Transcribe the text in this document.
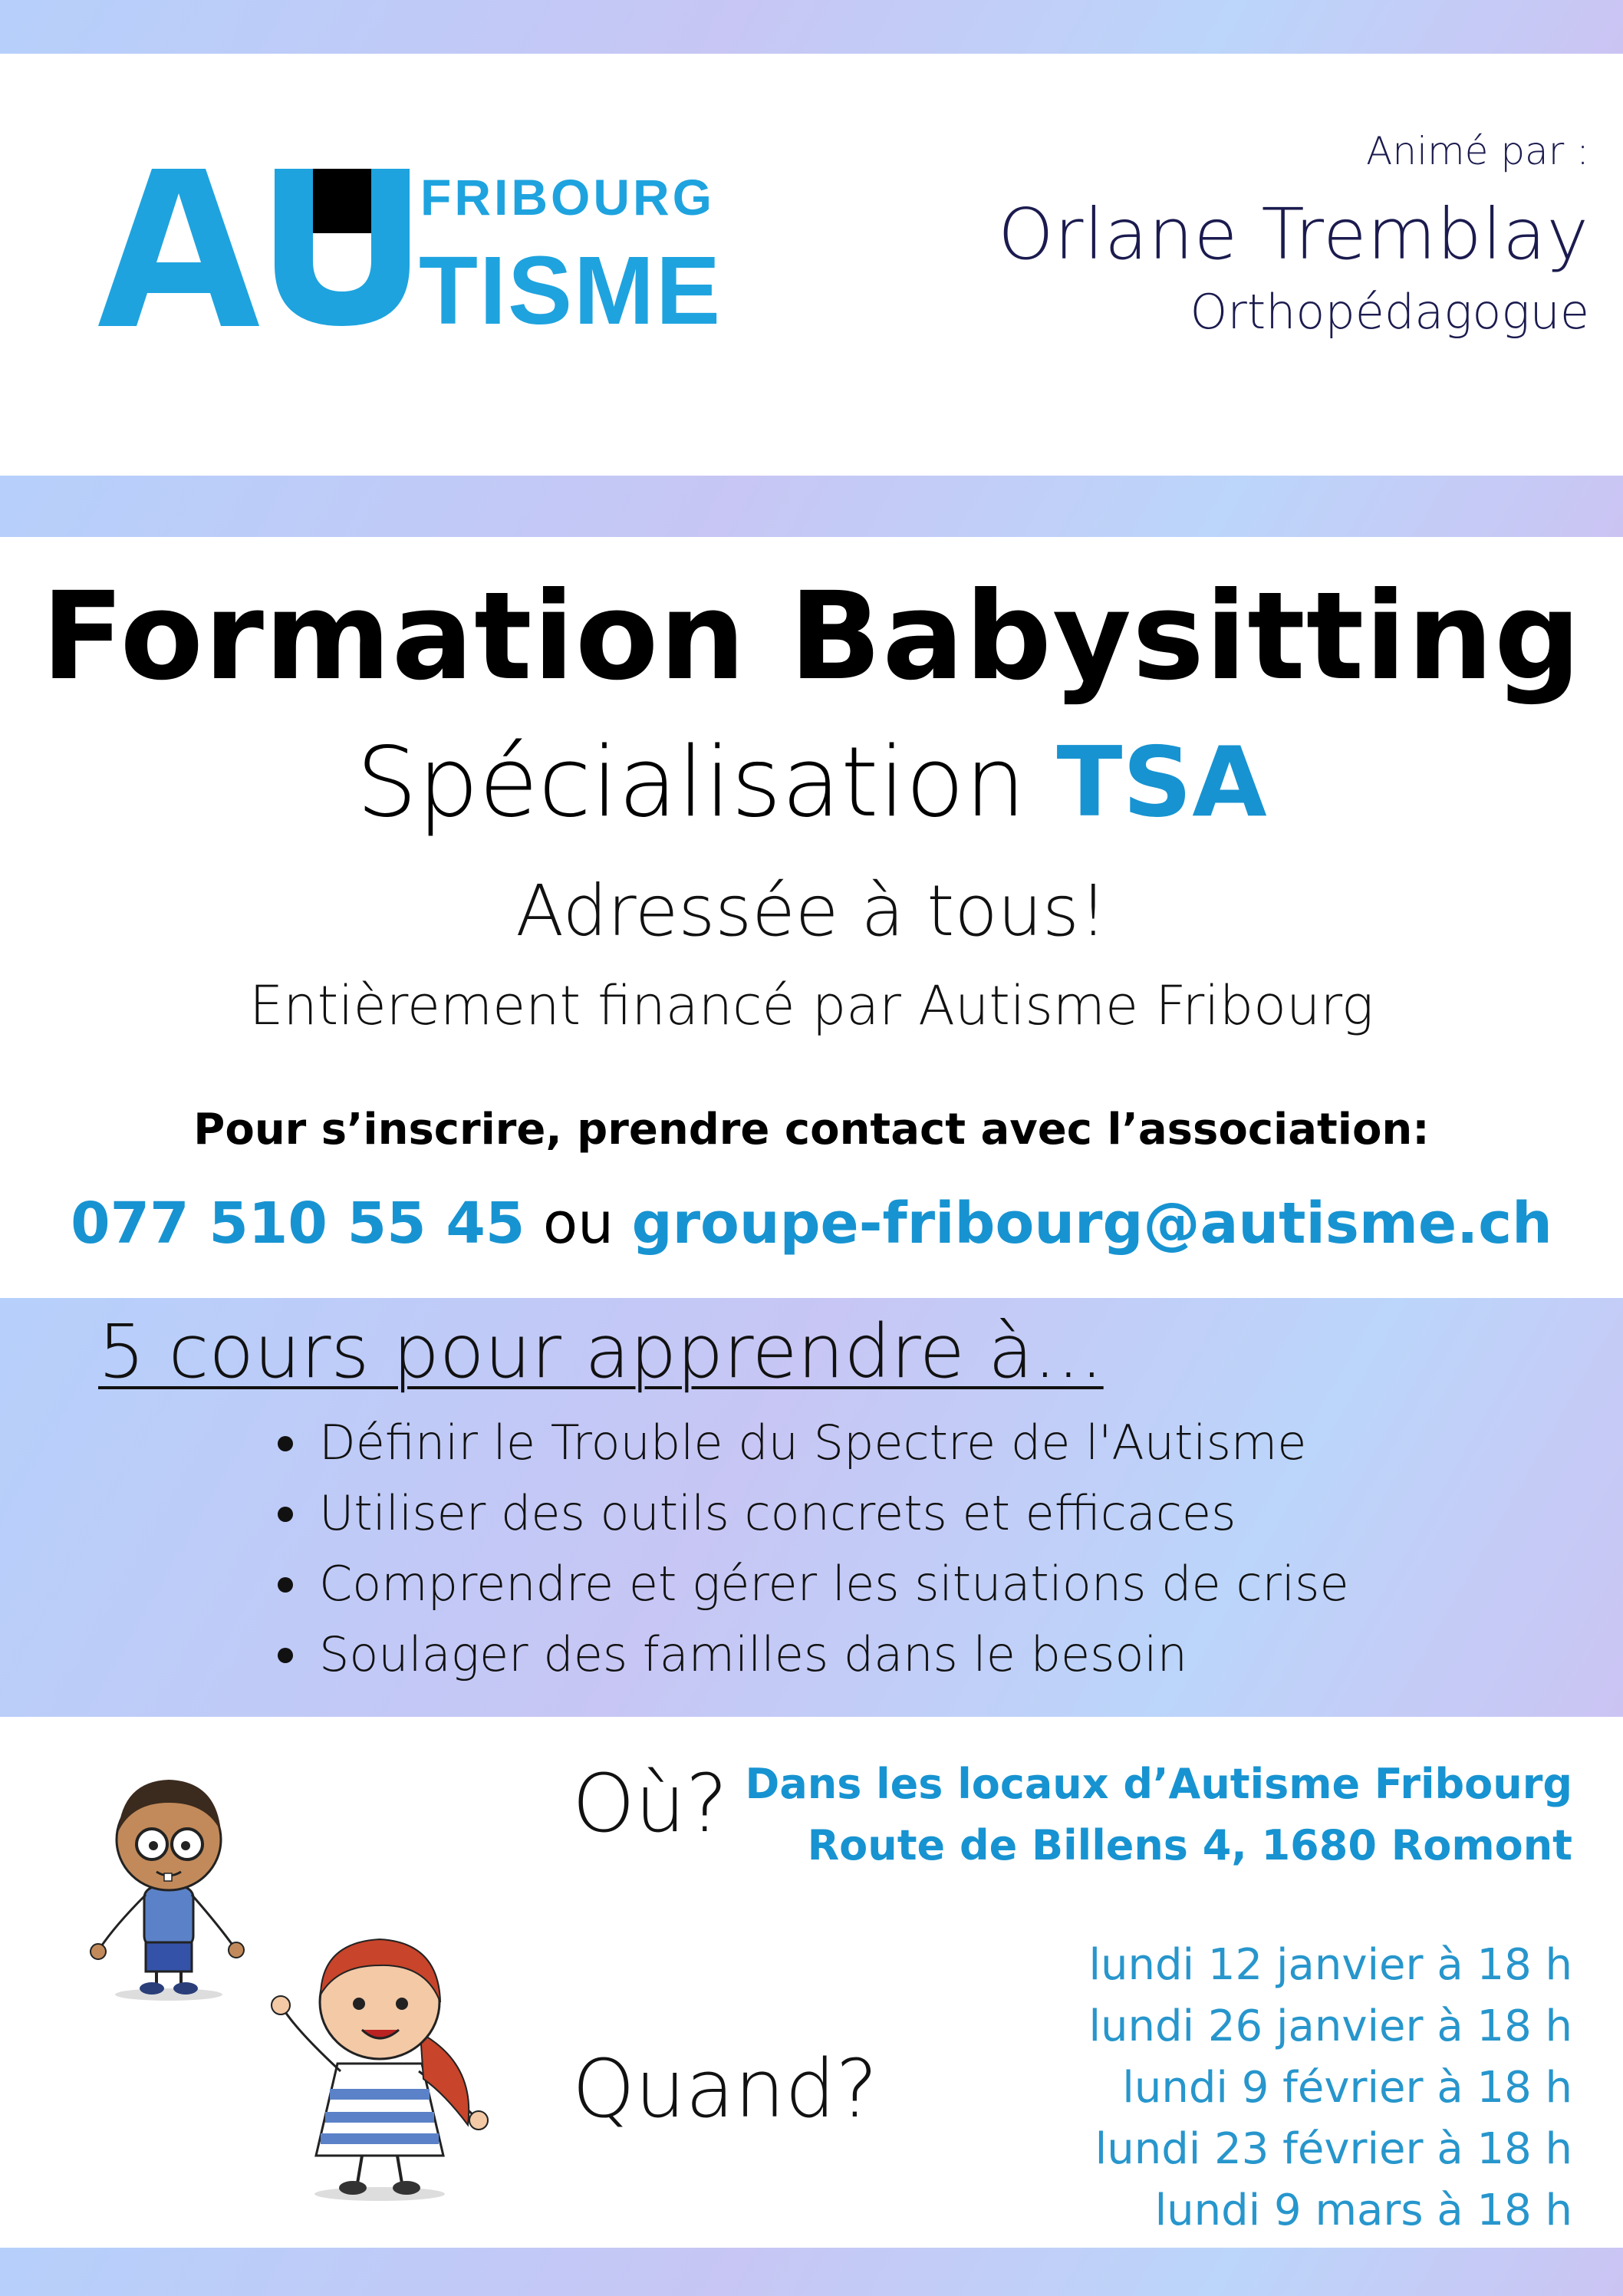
FRIBOURG
TISME
Animé par :
Orlane Tremblay
Orthopédagogue
Formation Babysitting
Spécialisation TSA
Adressée à tous!
Entièrement financé par Autisme Fribourg
Pour s’inscrire, prendre contact avec l’association:
077 510 55 45 ou groupe-fribourg@autisme.ch
5 cours pour apprendre à...
Définir le Trouble du Spectre de l'Autisme
Utiliser des outils concrets et efficaces
Comprendre et gérer les situations de crise
Soulager des familles dans le besoin
Où? Dans les locaux d’Autisme Fribourg
Route de Billens 4, 1680 Romont
Quand?
lundi 12 janvier à 18 h
lundi 26 janvier à 18 h
lundi 9 février à 18 h
lundi 23 février à 18 h
lundi 9 mars à 18 h
